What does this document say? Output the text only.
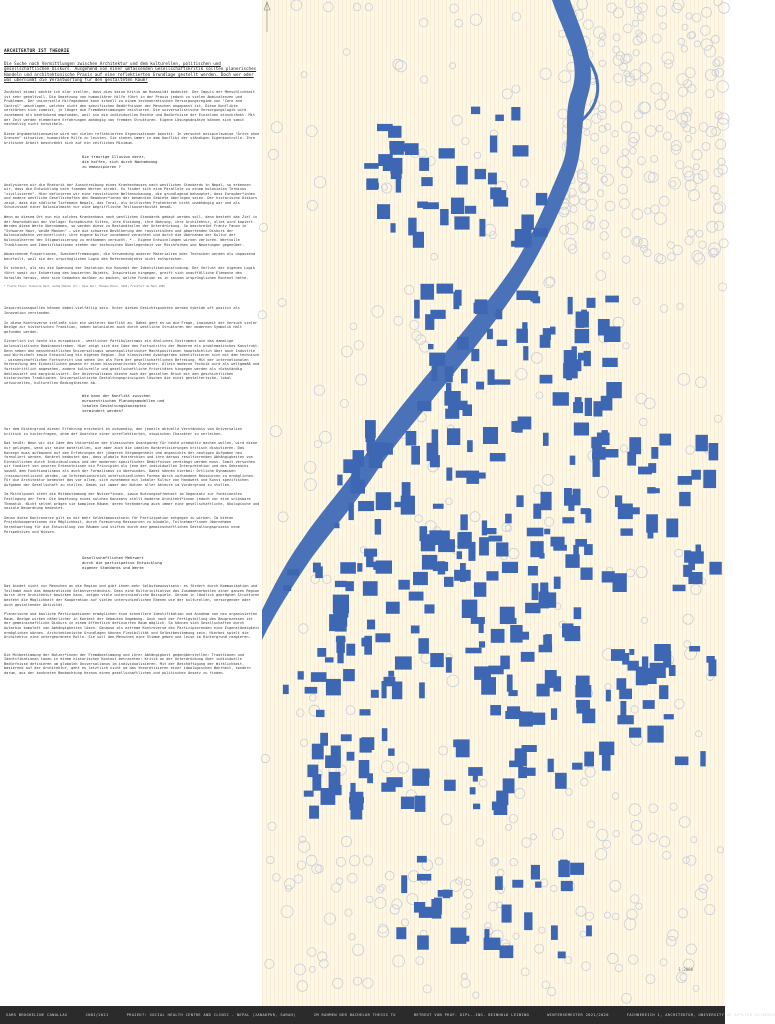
ARCHITEKTUR IST THEORIE
Die Suche nach Vermittlungen zwischen Architektur und dem kulturellen, politischen und gesellschaftlichen Diskurs. Ausgehend von einer umfassenden Gesellschaftskritik sollten planerisches Handeln und architektonische Praxis auf eine reflektierten Grundlage gestellt werden. Doch wer oder was übernimmt die Verantwortung für den gestalteten Raum?

Zunächst einmal möchte ich klar stellen, dass dies keine Kritik am Humanität bedeutet. Der Impuls der Menschlichkeit ist sehr gehaltvoll. Die Umsetzung von humanitärer Hilfe führt in der Praxis jedoch zu vielen Ambivalenzen und Problemen. Der universelle Hilfegedanke kann schnell zu einem technokratischen Versorgungsregime von "Care and Control" umschlagen, welches nicht den spezifischen Bedürfnissen der Menschen angepasst ist. Diese Konflikte verstärken sich zumeist, je länger die Fremdbestimmungen existieren. Die universalistische Versorgungslogik wird zunehmend als bedrückend empfunden, weil sie die individuellen Rechte und Bedürfnisse der Einzelnen einschränkt. Mit der Zeit werden elementare Erfahrungen abhängig von fremden Strukturen. Eigene Lösungsansätze können sich somit nachhaltig nicht entwickeln.

Diese Argumentationsweise wird von vielen reflektierten Organisationen benutzt. In versucht beispielsweise "Ärzte ohne Grenzen" situative, humanitäre Hilfe zu leisten. Sie stehen immer in dem Konflikt der ständigen Eigenkontrolle. Ihre kritische Arbeit beschränkt sich auf ein zeitliches Minimum.

Die traurige Illusion derer,
die hoffen, sich durch Nachahmung
zu emanzipieren ?

Analysieren wir die Rhetorik der Ausschreibung eines Krankenhauses nach westlichen Standards in Nepal, so erkennen wir, dass die Entwicklung nach fremden Werten strebt. Es findet sich eine Parallele zu einem kolonialen Terminus "zivilisieren". Hier definieren wir eine rassistische Weltanschauung, die grundlegend behauptet, dass Europäer*innen und andere westliche Gesellschaften den Bewohner*innen der benannten Gebiete überlegen seien. Der historische Diskurs zeigt, dass die südliche Tiefebene Nepals, das Terai, als britisches Protektorat nicht unabhängig war und als Schutzstaat einer Kolonialmacht nur eine begrifflische Teilsouveränität besaß.

Wenn an diesem Ort nun ein solches Krankenhaus nach westlichen Standards gebaut werden soll, dann besteht das Ziel in der Reproduktion der Vorlage: Europäische Sitten, ihre Kleidung, ihre Nahrung, ihre Architektur, alles wird kopiert. Werden diese Werte übernommen, so werden diese zu Bestandteilen der Unterdrückung. So beschreibt Frantz Fanon in "Schwarze Haut, weiße Masken" – wie die schwarze Bevölkerung den rassistischen und abwertenden Diskurs der Kolonialmächte verinnerlicht; ihre eigene Kultur zunehmend verachtet und durch die Übernahme der Kultur der Kolonialherren der Stigmatisierung zu entkommen versucht. * - Eigene Entwicklungen wirken verloren. Wertvolle Traditionen und Identifikationen stehen der technischen Überlegenheit vor Mischformen und Neuerungen gegenüber.

Abweichende Proportionen, Zweckentfremdungen, die Verwendung anderer Materialien oder Techniken werden als unpassend beurteilt, weil sie der ursprünglichen Logik des Referenzobjekts nicht entsprechen.

Es scheint, als sei die Spannung der Imitation ein Konzept der Identifikationsfindung. Der Verlust der eigenen Logik führt somit zur Entwertung des kopierten Objekts. Inspiration hingegen, greift sich unauffälliche Elemente des Vorbilds heraus, ohne sich Gedanken darüber zu machen, welche Funktion es in seinem ursprünglichen Kontext hatte.

* Frantz Fanon: Schwarze Haut, weiße Masken (Fr.: Peau Noir, Masque Blanc, 1952) Frankfurt am Main 1985

Inspirationsquellen können dabei vielfältig sein. Unter diesen Gesichtspunkten werden hybride oft positiv als Innovation verstanden.

In diese Kontroverse schließt sich ein weiterer Konflikt an. Dabei geht es um die Frage, inwieweit der Versuch vieler Bezüge zur historischen Tradition, neben kolonialen auch durch westliche Strukturen der modernen Symbolik Halt gefunden werden.

Sicherlich ist heute ein europäisch - westlicher Partikularismus ein ähnliches Instrument wie das damalige kolonialistische Dominanzstreben. Hier zeigt sich die Idee des Fortschritts der Moderne als problematisches Konstrukt. Denn neben den menschheitlichen Universalismus wesenspolitorischer Machtpositionen hauptsächlich über auch Industrie und Wirtschaft sowie Entwicklung ein eigenen Region. Die klassischen Avantgarden identifizieren sich mit dem technisch - wissenschaftlichen Fortschritt und sehen ihn als Form der gesellschaftlichen Befreiung. Mit der internationalen Verbreitung des Einheitlichen gewann er einen missionarischen Charakter. Allein moderne Technik wird als weltgemäß und fortschrittlich angesehen, andere kulturelle und gesellschaftliche Prioritäten hingegen werden als rückständig deklassiert und marginalisiert. Der Universalismus diente auch der gezielten Bruch mit den geschichtlichen historischen Traditionen. Universalistische Gestaltungsprinzipien löschen die einst gestalterische, lokal verwurzelten, kulturellen Bedingtheiten ab.

Wie kann der Konflikt zwischen
eurozentrischen Planungsmodellen und
lokalen Gestaltungskonzepten
vermindert werden?

Vor dem Hintergrund dieser Erfahrung erscheint es notwendig, den jeweils aktuelle Verständnis von Universalien kritisch zu hinterfragen, ohne der Anarchie einer unreflektierten, utopischen Charakter zu verleihen.

Das heißt: Wenn wir die Idee des Universalen der klassischen Avantgarde für heute produktiv machen wollen, wird diese nur gelingen, wenn wir seine materiellen, wie aber auch die idealen Konkretisierungen kritisch diskutieren. Das Konzept muss aufbauend auf den Erfahrungen der jüngeren Vergangenheit und angesichts der heutigen Aufgaben neu formuliert werden. Konkret bedeutet das, dass globale Hierarchien und ihre daraus resultierenden Abhängigkeiten von Einheitlichen durch Individualismus und der modernen spezifischer Bedürfnisse verdrängt werden muss. Somit versuchen wir fundiert von unseren Erkenntnissen ein Prinzipien als jene der individuellen Interpretation und des Gebrauchs sowohl dem Funktionalismus als auch der Formalismus zu überwinden. Dabei können hierbei: Örtliche Dynamiken (ressourcenlizient werden, um Informationsreich unterschiedlichen Formen durch vorhandene Ressourcen zu ermöglichen. Für die Architektur bedeutet das vor allem, sich zunehmend mit lokaler Kultur von Handwerk und Kunst spezifischen Aufgaben der Gesellschaft zu stellen. Dabei ist immer der Nutzen aller Akteure im Vordergrund zu stellen.

Im Mittelpunkt steht die Mitbestimmung der Nutzer*innen, sowie Nutzungsoffenheit im Gegensatz zur funktionalen Festlegung der Form. Die Umsetzung eines solchen Konzepts stellt moderne Architekt*innen jedoch vor eine unlösbare Thematik. Nicht selten prägen sie komplexe Räume, deren Veränderung auch immer eine gesellschaftliche, ökologische und soziale Neuordnung bedeutet.

Genau diese Kontroverse gilt es mit mehr Selbstbewusstsein für Partizipation entgegen zu wirken. Im bieten Projektkooperationen die Möglichkeit, durch Formierung Ressourcen zu bündeln, Teilnehmer*innen übernehmen Verantwortung für die Entwicklung von Räumen und stiften durch den gemeinschaftlichen Gestaltungsprozess neue Perspektiven und Wissen.

Gesellschaftlichen Mehrwert
durch die partizipative Entwicklung
eigener Standards und Werte

Das bindet nicht nur Menschen an die Region und gibt ihnen mehr Selbstbewusstsein: es fördert durch Kommunikation und Teilhabe auch das demokratische Selbstverständnis. Dass eine Kulturinitiative das Zusammenarbeiten einer ganzen Region durch ihre Architektur bewirken kann, zeigen viele unterschiedliche Beispiele. Gerade in ländlich geprägten Strukturen besteht die Möglichkeit der Kooperation auf vielen unterschiedlichen Ebenen wie der kulturellen, versorgender oder auch gestaltender Aktivität.

Planerische und bauliche Partizipationen ermöglichen eine schnellere Identifikation und Annahme von neu organisierten Raum. Bezüge wirken näherlicher in Kontext der Gebauten Umgebung. Auch nach der Fertigstellung des Bauprozesses ist der gemeinschaftliche Diskurs in einem öffentlich definierten Raum möglich. So können sich Gesellschaften durch Autarkie komplett von Abhängigkeiten lösen. Genauso als extreme Kontroverse des Partizipierenden eine Eigenständigkeit ermöglichen können. Architektonische Grundlagen können Flexibilität und Selbstbestimmung sein. Hierbei spielt die Architektur eine untergeordnete Rolle. Sie soll den Menschen eine Stimme geben und leise im Hintergrund reagieren.

Die Mitbestimmung der Nutzer*innen der Fremdbestimmung und ihrer Abhängigkeit gegenüberstellen: Traditionen und Identifikationen tauen in einem historischen Kontext betrachten: Kritik an der Unterdrückung über individuelle Bedürfnisse definieren um globalen Universalismus im individualisieren. Mit der Beschäftigung der Wirklichkeit, basierend auf der Architektur, geht es letztlich nicht um das theoretisieren einer ideologischen Wahrheit, sondern darum, aus der konkreten Beobachtung heraus einen gesellschaftlichen und politischen Ansatz zu finden.

1:2000
SAMS BRUGHELINE CANALLAS	JUNI/2021	PROJEKT: SOCIAL HEALTH CENTRE AND CLINIC - NEPAL (JANAKPUR, SARAH)	IM RAHMEN DER BACHELOR THESIS TU	BETREUT VON PROF. DIPL.-ING. BEINHOLD LEIBING	WINTERSEMESTER 2021/2020	FACHBEREICH 1, ARCHITEKTUR, UNIVERSITY OF APPLIED SCIENCES
